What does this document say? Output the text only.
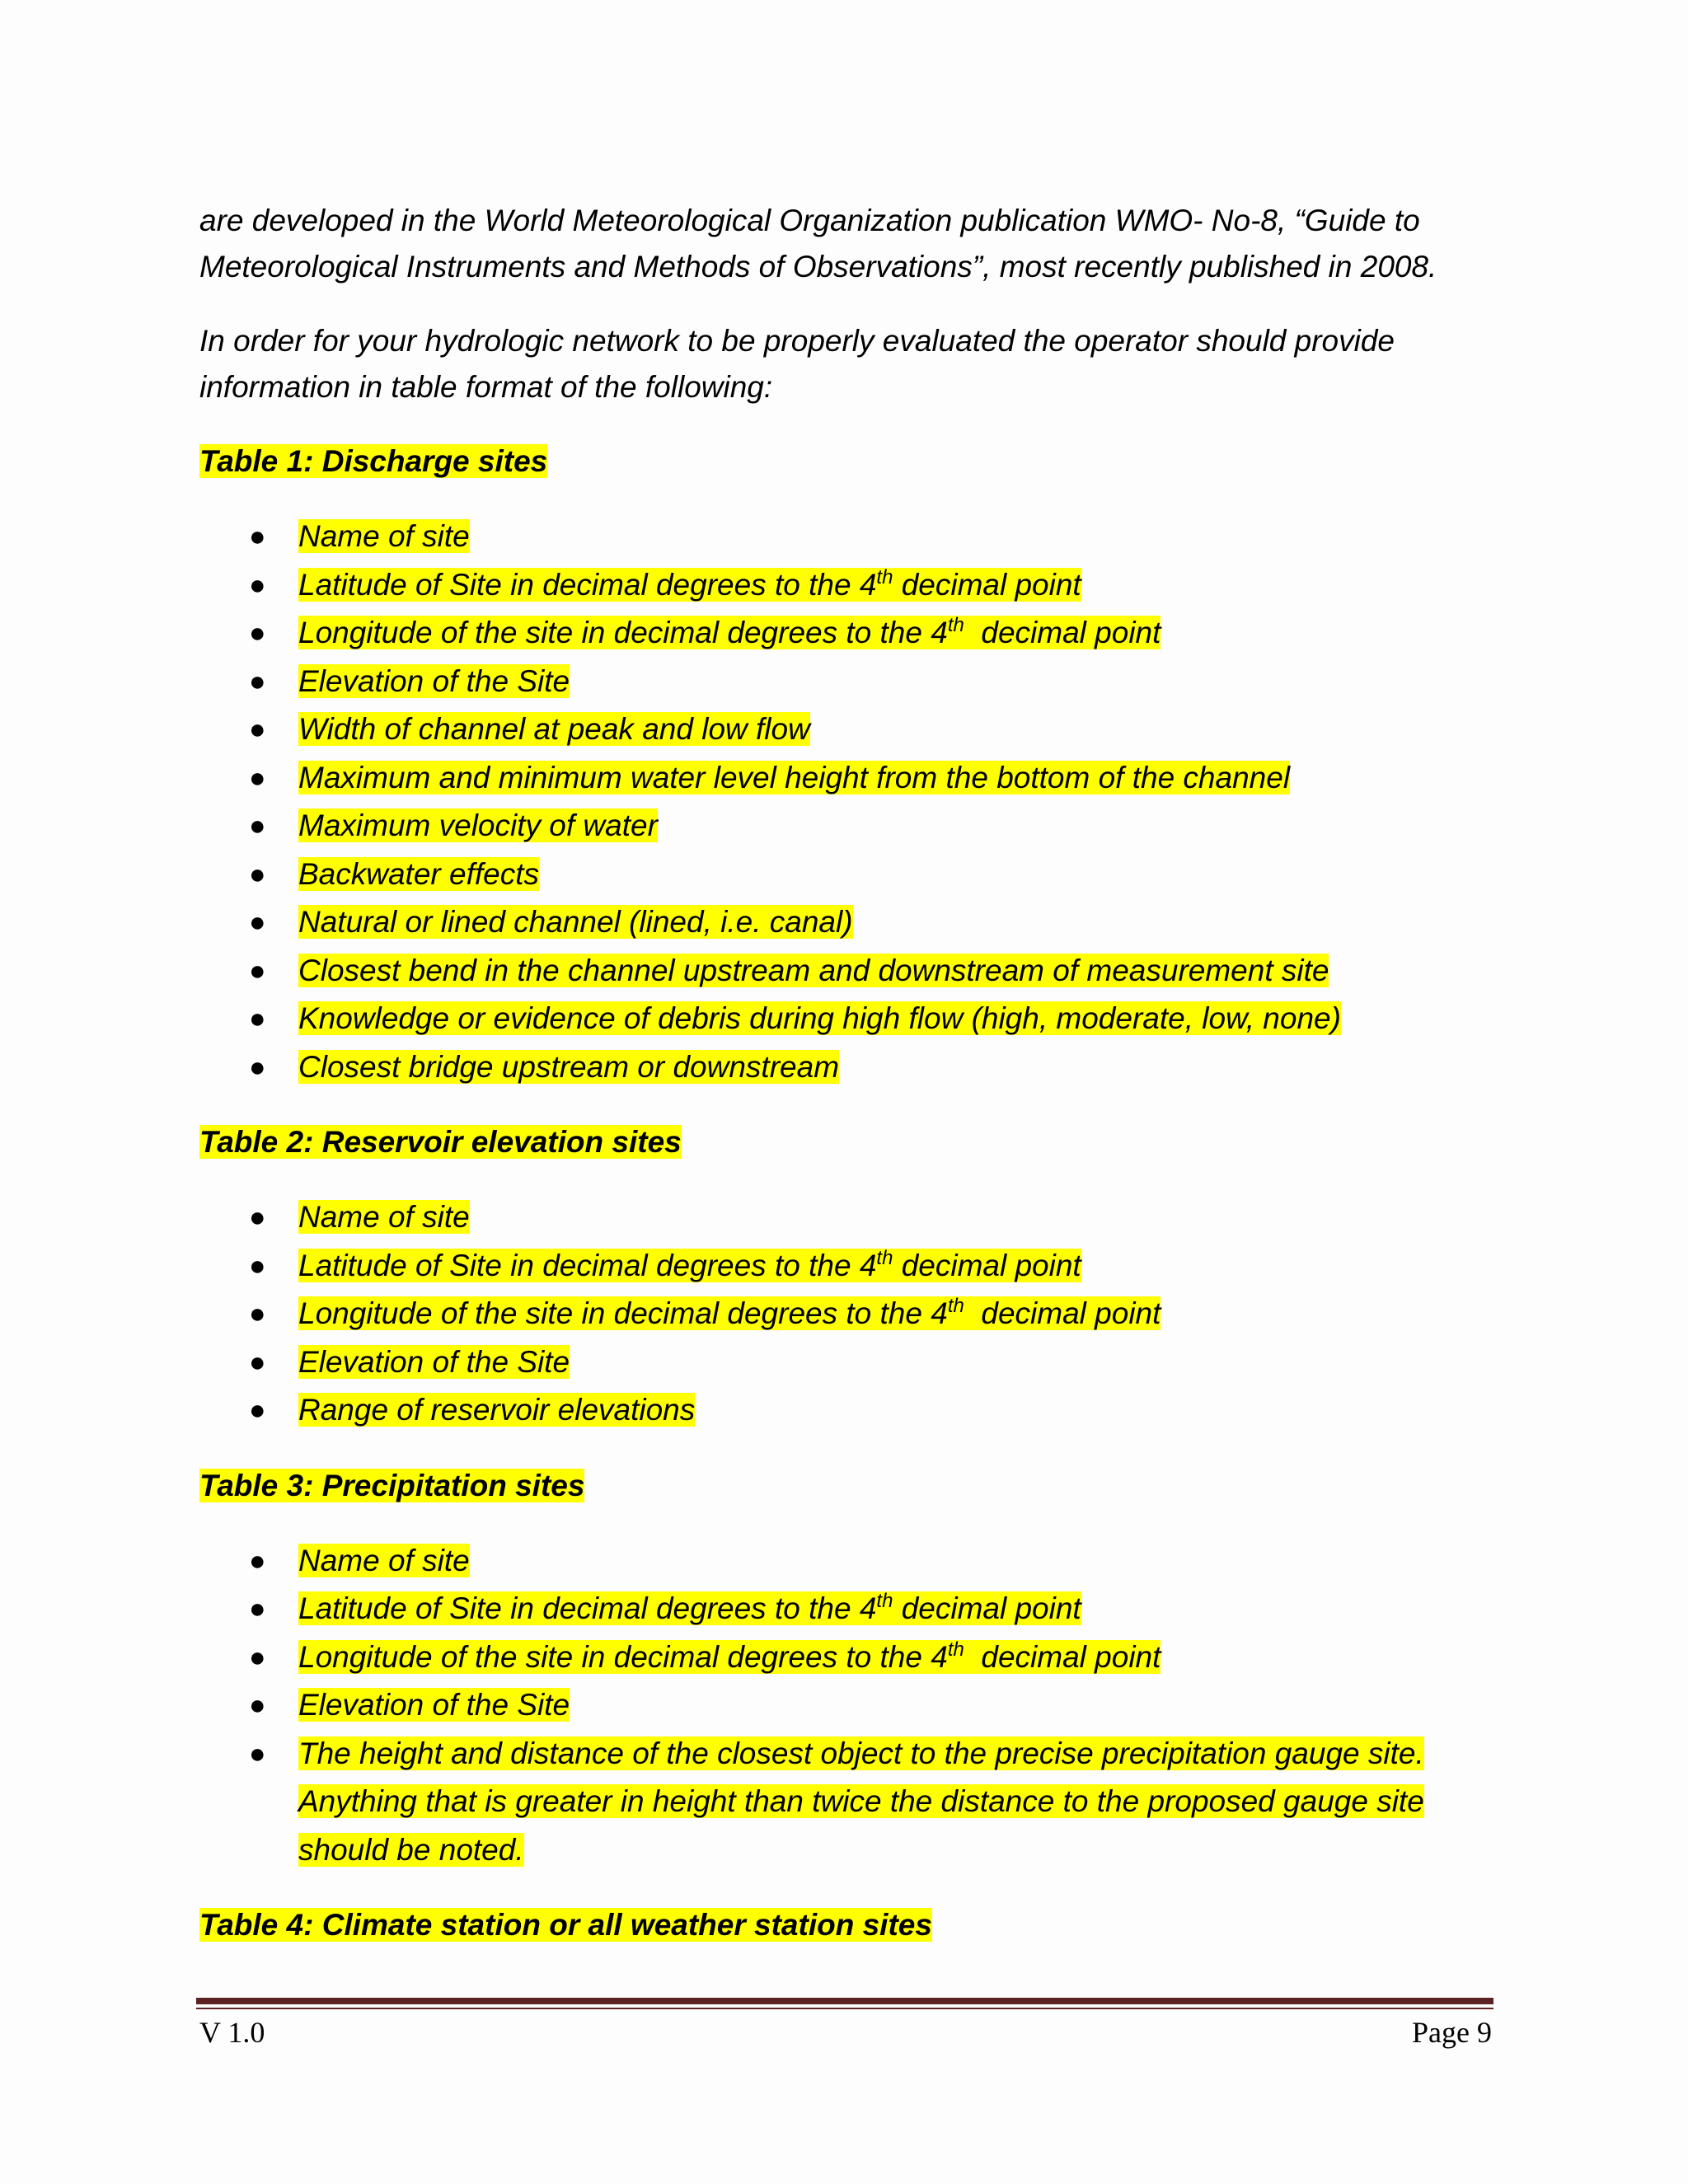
are developed in the World Meteorological Organization publication WMO- No-8, “Guide to
Meteorological Instruments and Methods of Observations”, most recently published in 2008.

In order for your hydrologic network to be properly evaluated the operator should provide
information in table format of the following:

Table 1: Discharge sites

●
Name of site
●
Latitude of Site in decimal degrees to the 4th decimal point
●
Longitude of the site in decimal degrees to the 4th  decimal point
●
Elevation of the Site
●
Width of channel at peak and low flow
●
Maximum and minimum water level height from the bottom of the channel
●
Maximum velocity of water
●
Backwater effects
●
Natural or lined channel (lined, i.e. canal)
●
Closest bend in the channel upstream and downstream of measurement site
●
Knowledge or evidence of debris during high flow (high, moderate, low, none)
●
Closest bridge upstream or downstream

Table 2: Reservoir elevation sites

●
Name of site
●
Latitude of Site in decimal degrees to the 4th decimal point
●
Longitude of the site in decimal degrees to the 4th  decimal point
●
Elevation of the Site
●
Range of reservoir elevations

Table 3: Precipitation sites

●
Name of site
●
Latitude of Site in decimal degrees to the 4th decimal point
●
Longitude of the site in decimal degrees to the 4th  decimal point
●
Elevation of the Site
●
The height and distance of the closest object to the precise precipitation gauge site.
Anything that is greater in height than twice the distance to the proposed gauge site
should be noted.

Table 4: Climate station or all weather station sites

V 1.0	Page 9
